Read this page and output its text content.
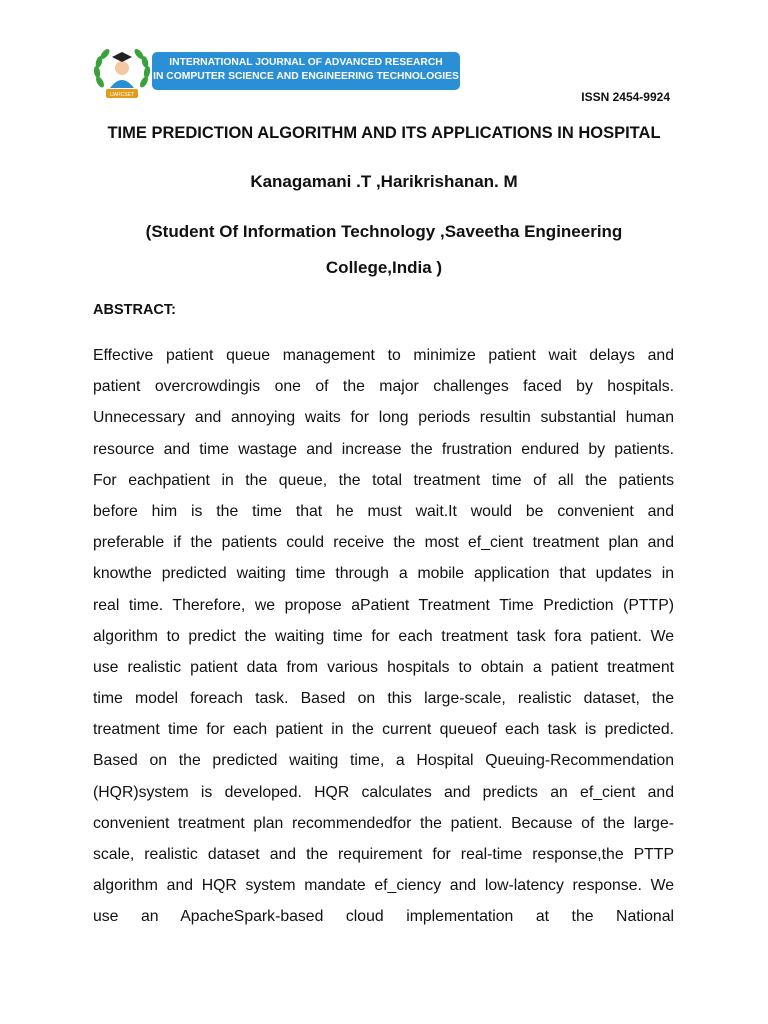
IJARCSET
INTERNATIONAL JOURNAL OF ADVANCED RESEARCH
IN COMPUTER SCIENCE AND ENGINEERING TECHNOLOGIES
ISSN 2454-9924
TIME PREDICTION ALGORITHM AND ITS APPLICATIONS IN HOSPITAL
Kanagamani .T ,Harikrishanan. M
(Student Of Information Technology ,Saveetha Engineering
College,India )
ABSTRACT:
Effective patient queue management to minimize patient wait delays and
patient overcrowdingis one of the major challenges faced by hospitals.
Unnecessary and annoying waits for long periods resultin substantial human
resource and time wastage and increase the frustration endured by patients.
For eachpatient in the queue, the total treatment time of all the patients
before him is the time that he must wait.It would be convenient and
preferable if the patients could receive the most ef_cient treatment plan and
knowthe predicted waiting time through a mobile application that updates in
real time. Therefore, we propose aPatient Treatment Time Prediction (PTTP)
algorithm to predict the waiting time for each treatment task fora patient. We
use realistic patient data from various hospitals to obtain a patient treatment
time model foreach task. Based on this large-scale, realistic dataset, the
treatment time for each patient in the current queueof each task is predicted.
Based on the predicted waiting time, a Hospital Queuing-Recommendation
(HQR)system is developed. HQR calculates and predicts an ef_cient and
convenient treatment plan recommendedfor the patient. Because of the large-
scale, realistic dataset and the requirement for real-time response,the PTTP
algorithm and HQR system mandate ef_ciency and low-latency response. We
use an ApacheSpark-based cloud implementation at the National
